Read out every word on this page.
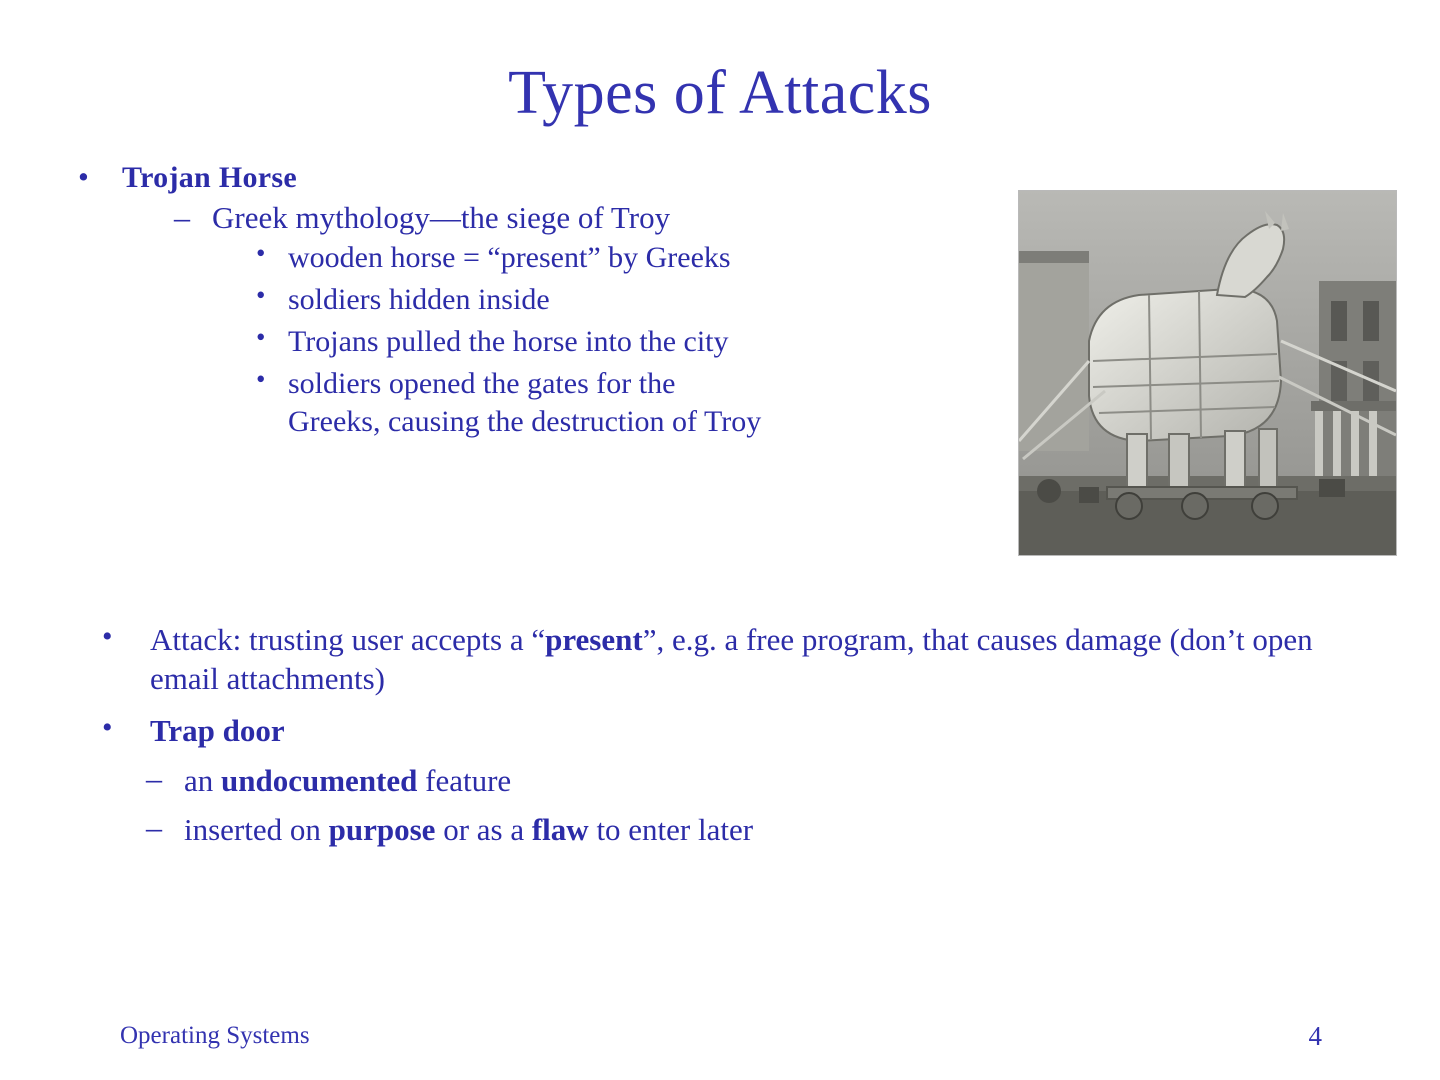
Types of Attacks
• Trojan Horse
– Greek mythology—the siege of Troy
• wooden horse = “present” by Greeks
• soldiers hidden inside
• Trojans pulled the horse into the city
• soldiers opened the gates for the
Greeks, causing the destruction of Troy
• Attack: trusting user accepts a “present”, e.g. a free program, that causes damage (don’t open email attachments)
• Trap door
– an undocumented feature
– inserted on purpose or as a flaw to enter later
Operating Systems	4
